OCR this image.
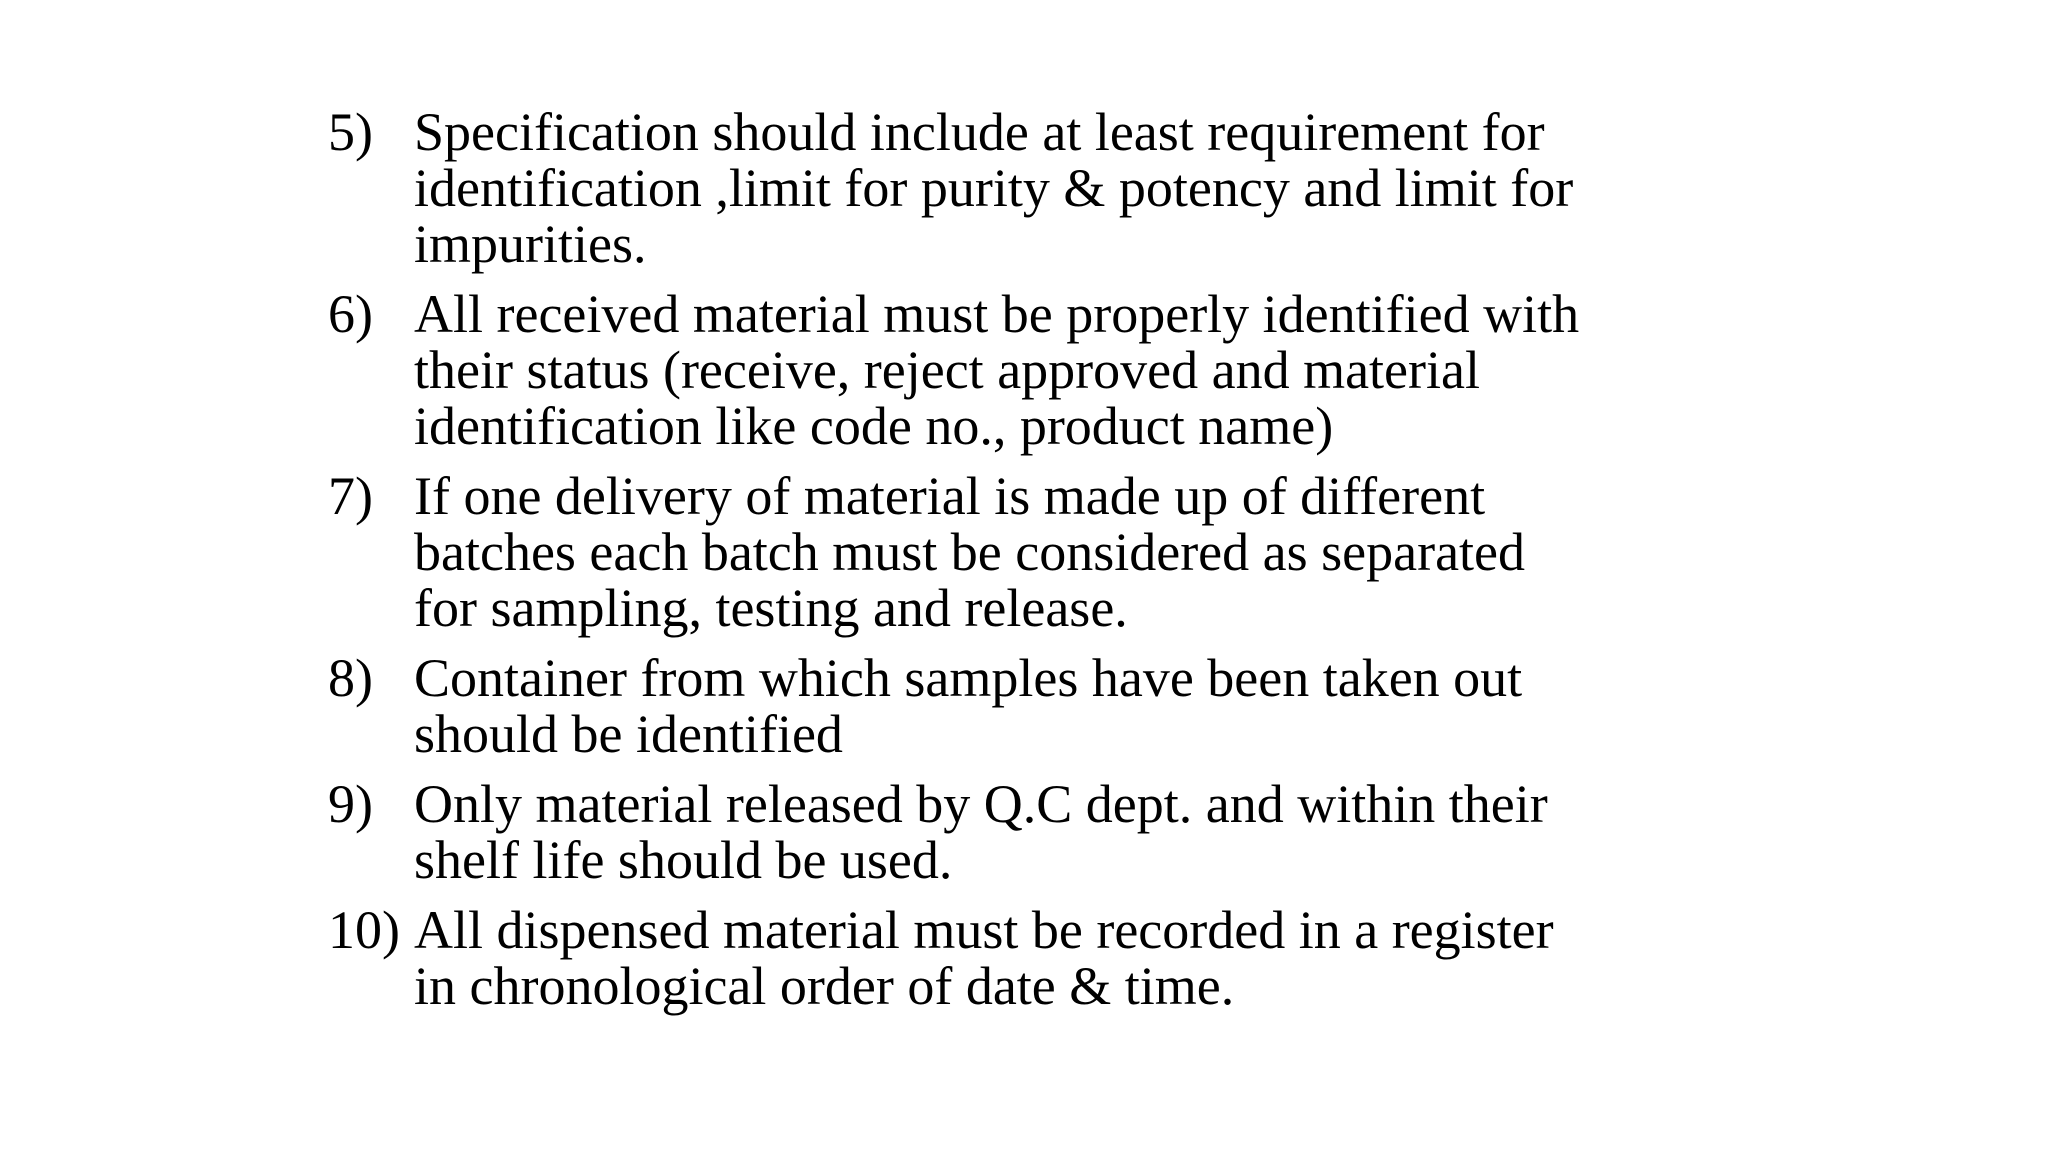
5) Specification should include at least requirement for
identification ,limit for purity & potency and limit for
impurities.
6) All received material must be properly identified with
their status (receive, reject approved and material
identification like code no., product name)
7) If one delivery of material is made up of different
batches each batch must be considered as separated
for sampling, testing and release.
8) Container from which samples have been taken out
should be identified
9) Only material released by Q.C dept. and within their
shelf life should be used.
10) All dispensed material must be recorded in a register
in chronological order of date & time.
